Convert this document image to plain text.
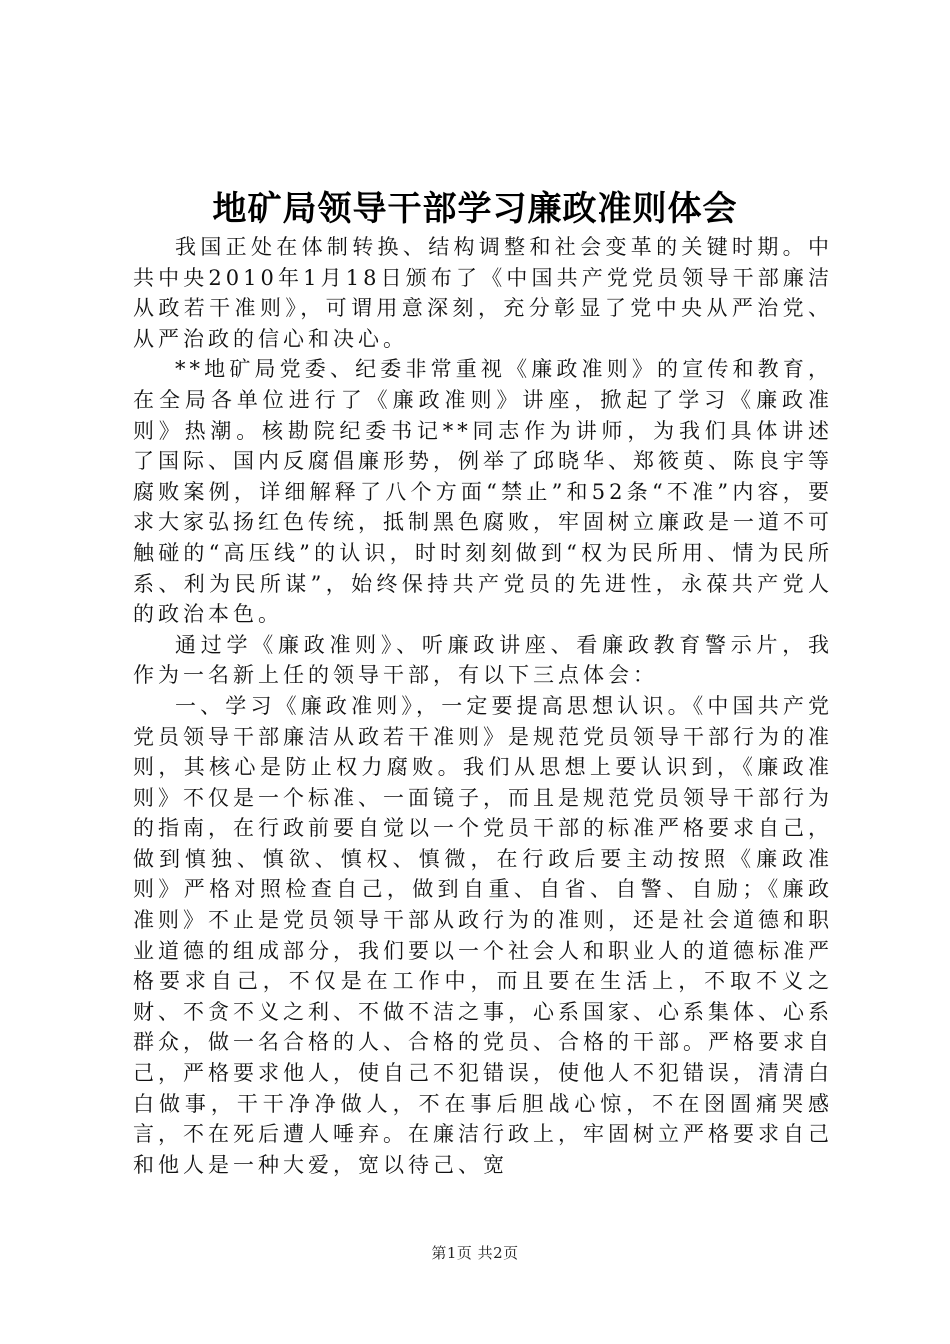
地矿局领导干部学习廉政准则体会

我国正处在体制转换、结构调整和社会变革的关键时期。中共中央2010年1月18日颁布了《中国共产党党员领导干部廉洁从政若干准则》，可谓用意深刻，充分彰显了党中央从严治党、从严治政的信心和决心。

**地矿局党委、纪委非常重视《廉政准则》的宣传和教育，在全局各单位进行了《廉政准则》讲座，掀起了学习《廉政准则》热潮。核勘院纪委书记**同志作为讲师，为我们具体讲述了国际、国内反腐倡廉形势，例举了邱晓华、郑筱萸、陈良宇等腐败案例，详细解释了八个方面“禁止”和52条“不准”内容，要求大家弘扬红色传统，抵制黑色腐败，牢固树立廉政是一道不可触碰的“高压线”的认识，时时刻刻做到“权为民所用、情为民所系、利为民所谋”，始终保持共产党员的先进性，永葆共产党人的政治本色。

通过学《廉政准则》、听廉政讲座、看廉政教育警示片，我作为一名新上任的领导干部，有以下三点体会：

一、学习《廉政准则》，一定要提高思想认识。《中国共产党党员领导干部廉洁从政若干准则》是规范党员领导干部行为的准则，其核心是防止权力腐败。我们从思想上要认识到，《廉政准则》不仅是一个标准、一面镜子，而且是规范党员领导干部行为的指南，在行政前要自觉以一个党员干部的标准严格要求自己，做到慎独、慎欲、慎权、慎微，在行政后要主动按照《廉政准则》严格对照检查自己，做到自重、自省、自警、自励；《廉政准则》不止是党员领导干部从政行为的准则，还是社会道德和职业道德的组成部分，我们要以一个社会人和职业人的道德标准严格要求自己，不仅是在工作中，而且要在生活上，不取不义之财、不贪不义之利、不做不洁之事，心系国家、心系集体、心系群众，做一名合格的人、合格的党员、合格的干部。严格要求自己，严格要求他人，使自己不犯错误，使他人不犯错误，清清白白做事，干干净净做人，不在事后胆战心惊，不在囹圄痛哭感言，不在死后遭人唾弃。在廉洁行政上，牢固树立严格要求自己和他人是一种大爱，宽以待己、宽

第1页 共2页
